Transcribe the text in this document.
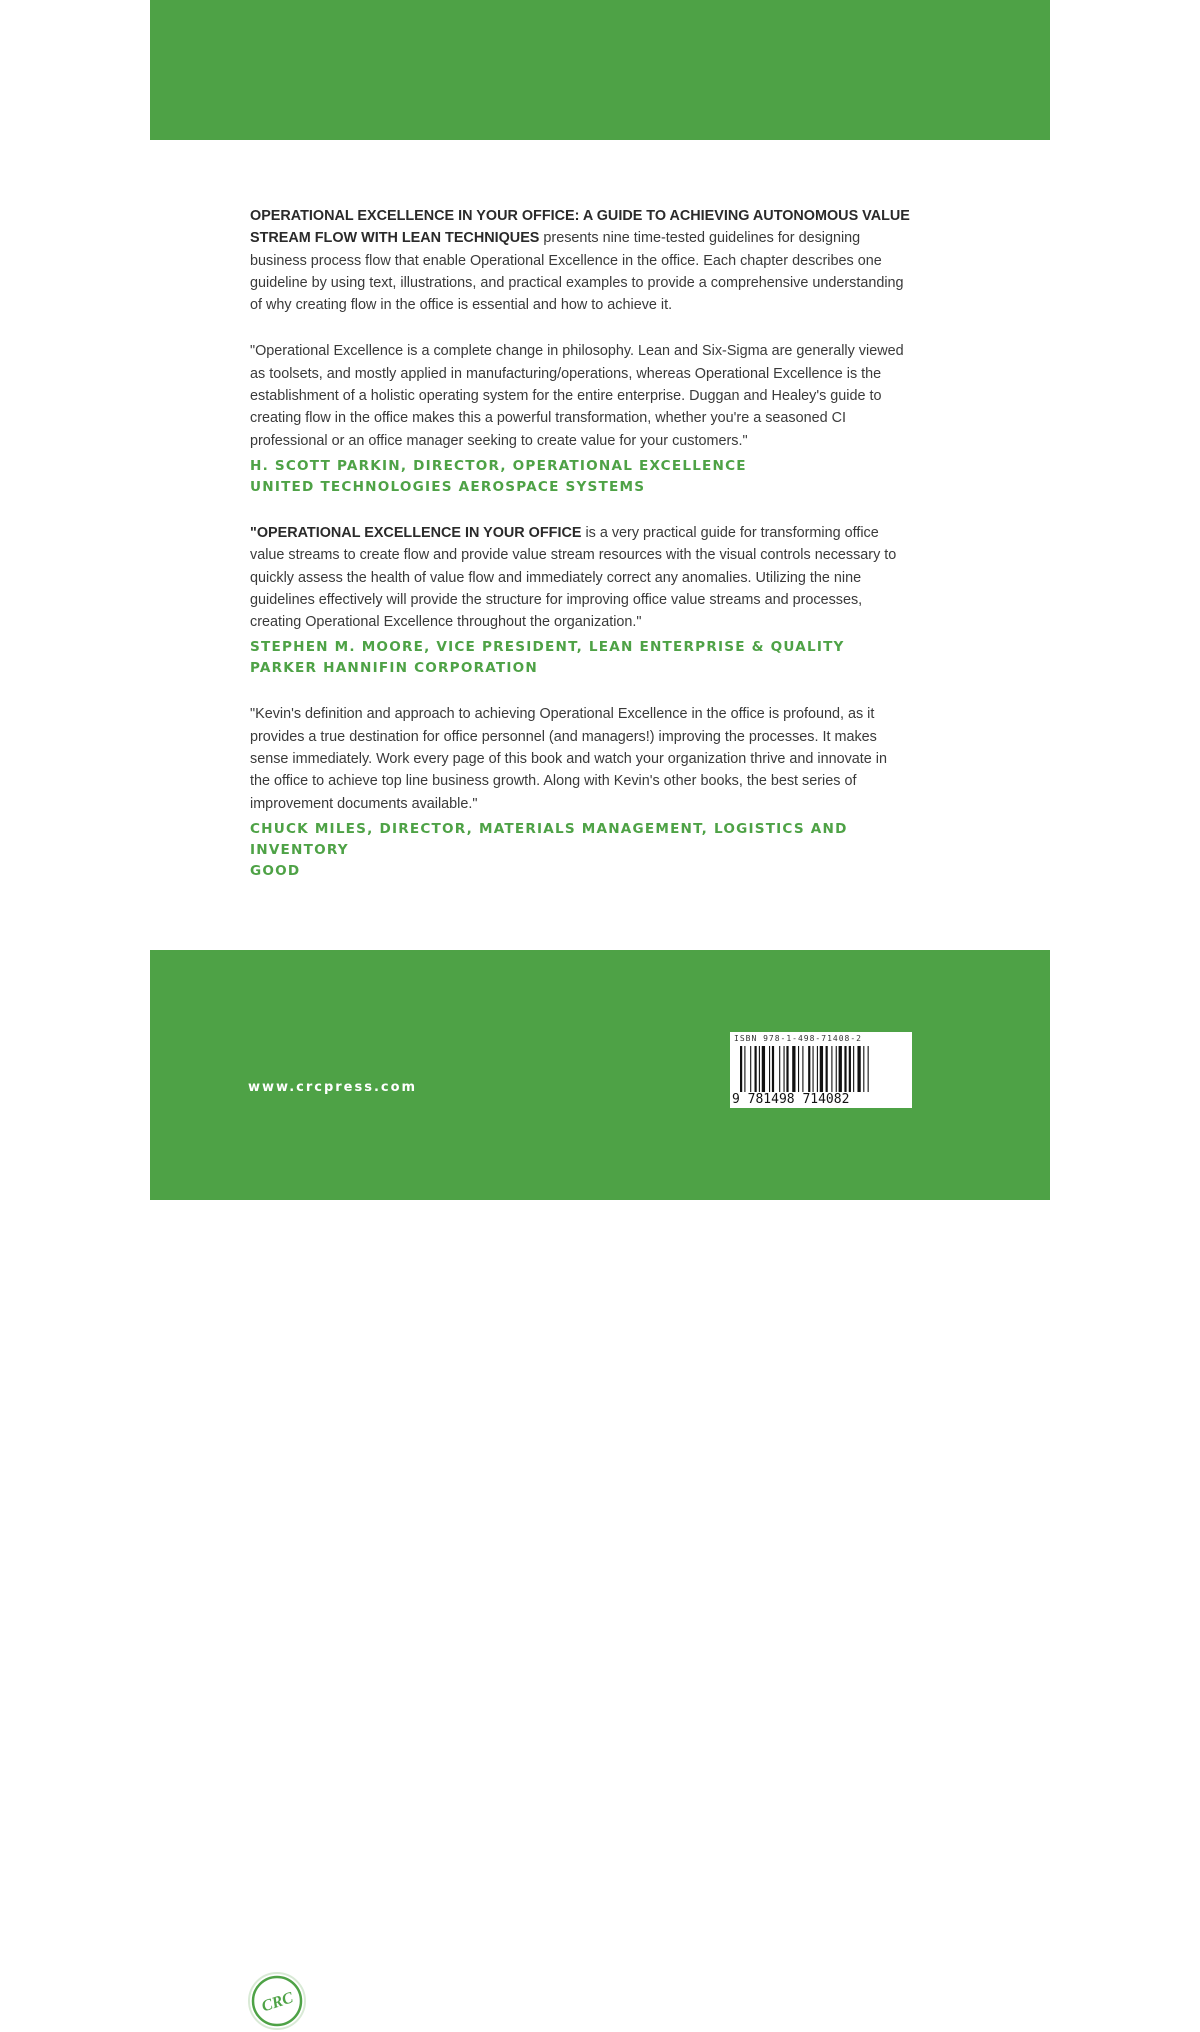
OPERATIONAL EXCELLENCE IN YOUR OFFICE: A GUIDE TO ACHIEVING AUTONOMOUS VALUE STREAM FLOW WITH LEAN TECHNIQUES presents nine time-tested guidelines for designing business process flow that enable Operational Excellence in the office. Each chapter describes one guideline by using text, illustrations, and practical examples to provide a comprehensive understanding of why creating flow in the office is essential and how to achieve it.

"Operational Excellence is a complete change in philosophy. Lean and Six-Sigma are generally viewed as toolsets, and mostly applied in manufacturing/operations, whereas Operational Excellence is the establishment of a holistic operating system for the entire enterprise. Duggan and Healey's guide to creating flow in the office makes this a powerful transformation, whether you're a seasoned CI professional or an office manager seeking to create value for your customers."

H. SCOTT PARKIN, DIRECTOR, OPERATIONAL EXCELLENCE
UNITED TECHNOLOGIES AEROSPACE SYSTEMS

"OPERATIONAL EXCELLENCE IN YOUR OFFICE is a very practical guide for transforming office value streams to create flow and provide value stream resources with the visual controls necessary to quickly assess the health of value flow and immediately correct any anomalies. Utilizing the nine guidelines effectively will provide the structure for improving office value streams and processes, creating Operational Excellence throughout the organization."

STEPHEN M. MOORE, VICE PRESIDENT, LEAN ENTERPRISE & QUALITY
PARKER HANNIFIN CORPORATION

"Kevin's definition and approach to achieving Operational Excellence in the office is profound, as it provides a true destination for office personnel (and managers!) improving the processes. It makes sense immediately. Work every page of this book and watch your organization thrive and innovate in the office to achieve top line business growth. Along with Kevin's other books, the best series of improvement documents available."

CHUCK MILES, DIRECTOR, MATERIALS MANAGEMENT, LOGISTICS AND INVENTORY
GOOD
CRC
CRC Press
Taylor & Francis Group
an informa business
www.crcpress.com
ISBN 978-1-498-71408-2
9 781498 714082
